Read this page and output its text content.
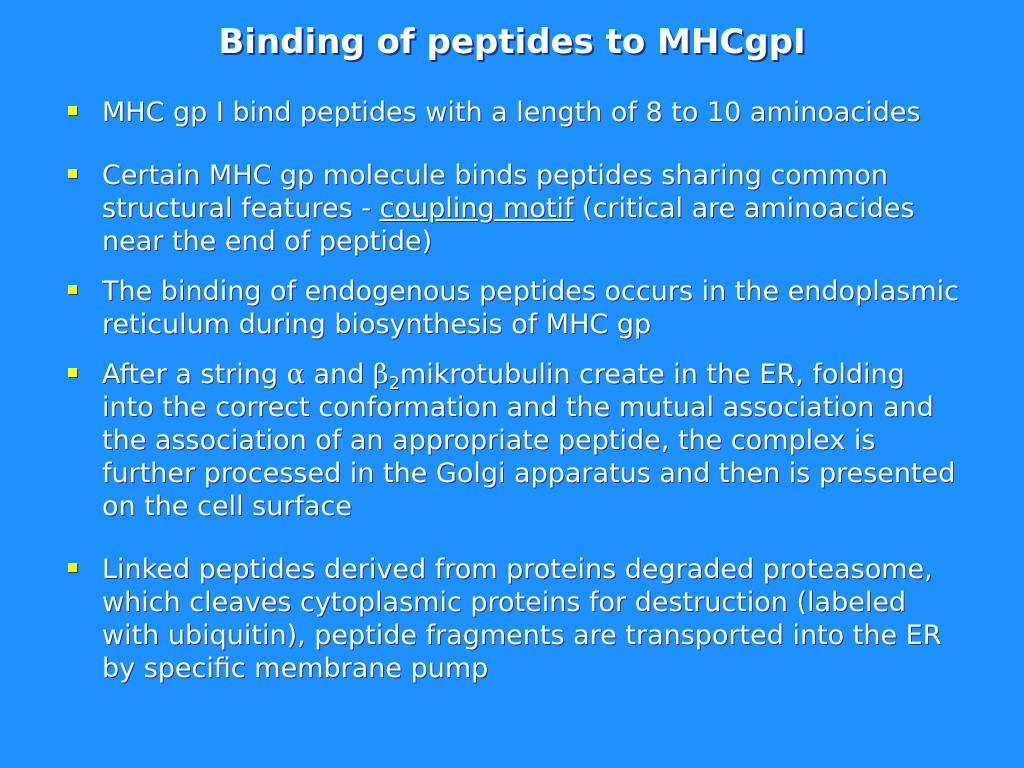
Binding of peptides to MHCgpI
MHC gp I bind peptides with a length of 8 to 10 aminoacides
Certain MHC gp molecule binds peptides sharing common structural features - coupling motif (critical are aminoacides near the end of peptide)
The binding of endogenous peptides occurs in the endoplasmic reticulum during biosynthesis of MHC gp
After a string α and $\beta_2mikrotubulin$ create in the ER, folding into the correct conformation and the mutual association and the association of an appropriate peptide, the complex is further processed in the Golgi apparatus and then is presented on the cell surface
Linked peptides derived from proteins degraded proteasome, which cleaves cytoplasmic proteins for destruction (labeled with ubiquitin), peptide fragments are transported into the ER by specific membrane pump
